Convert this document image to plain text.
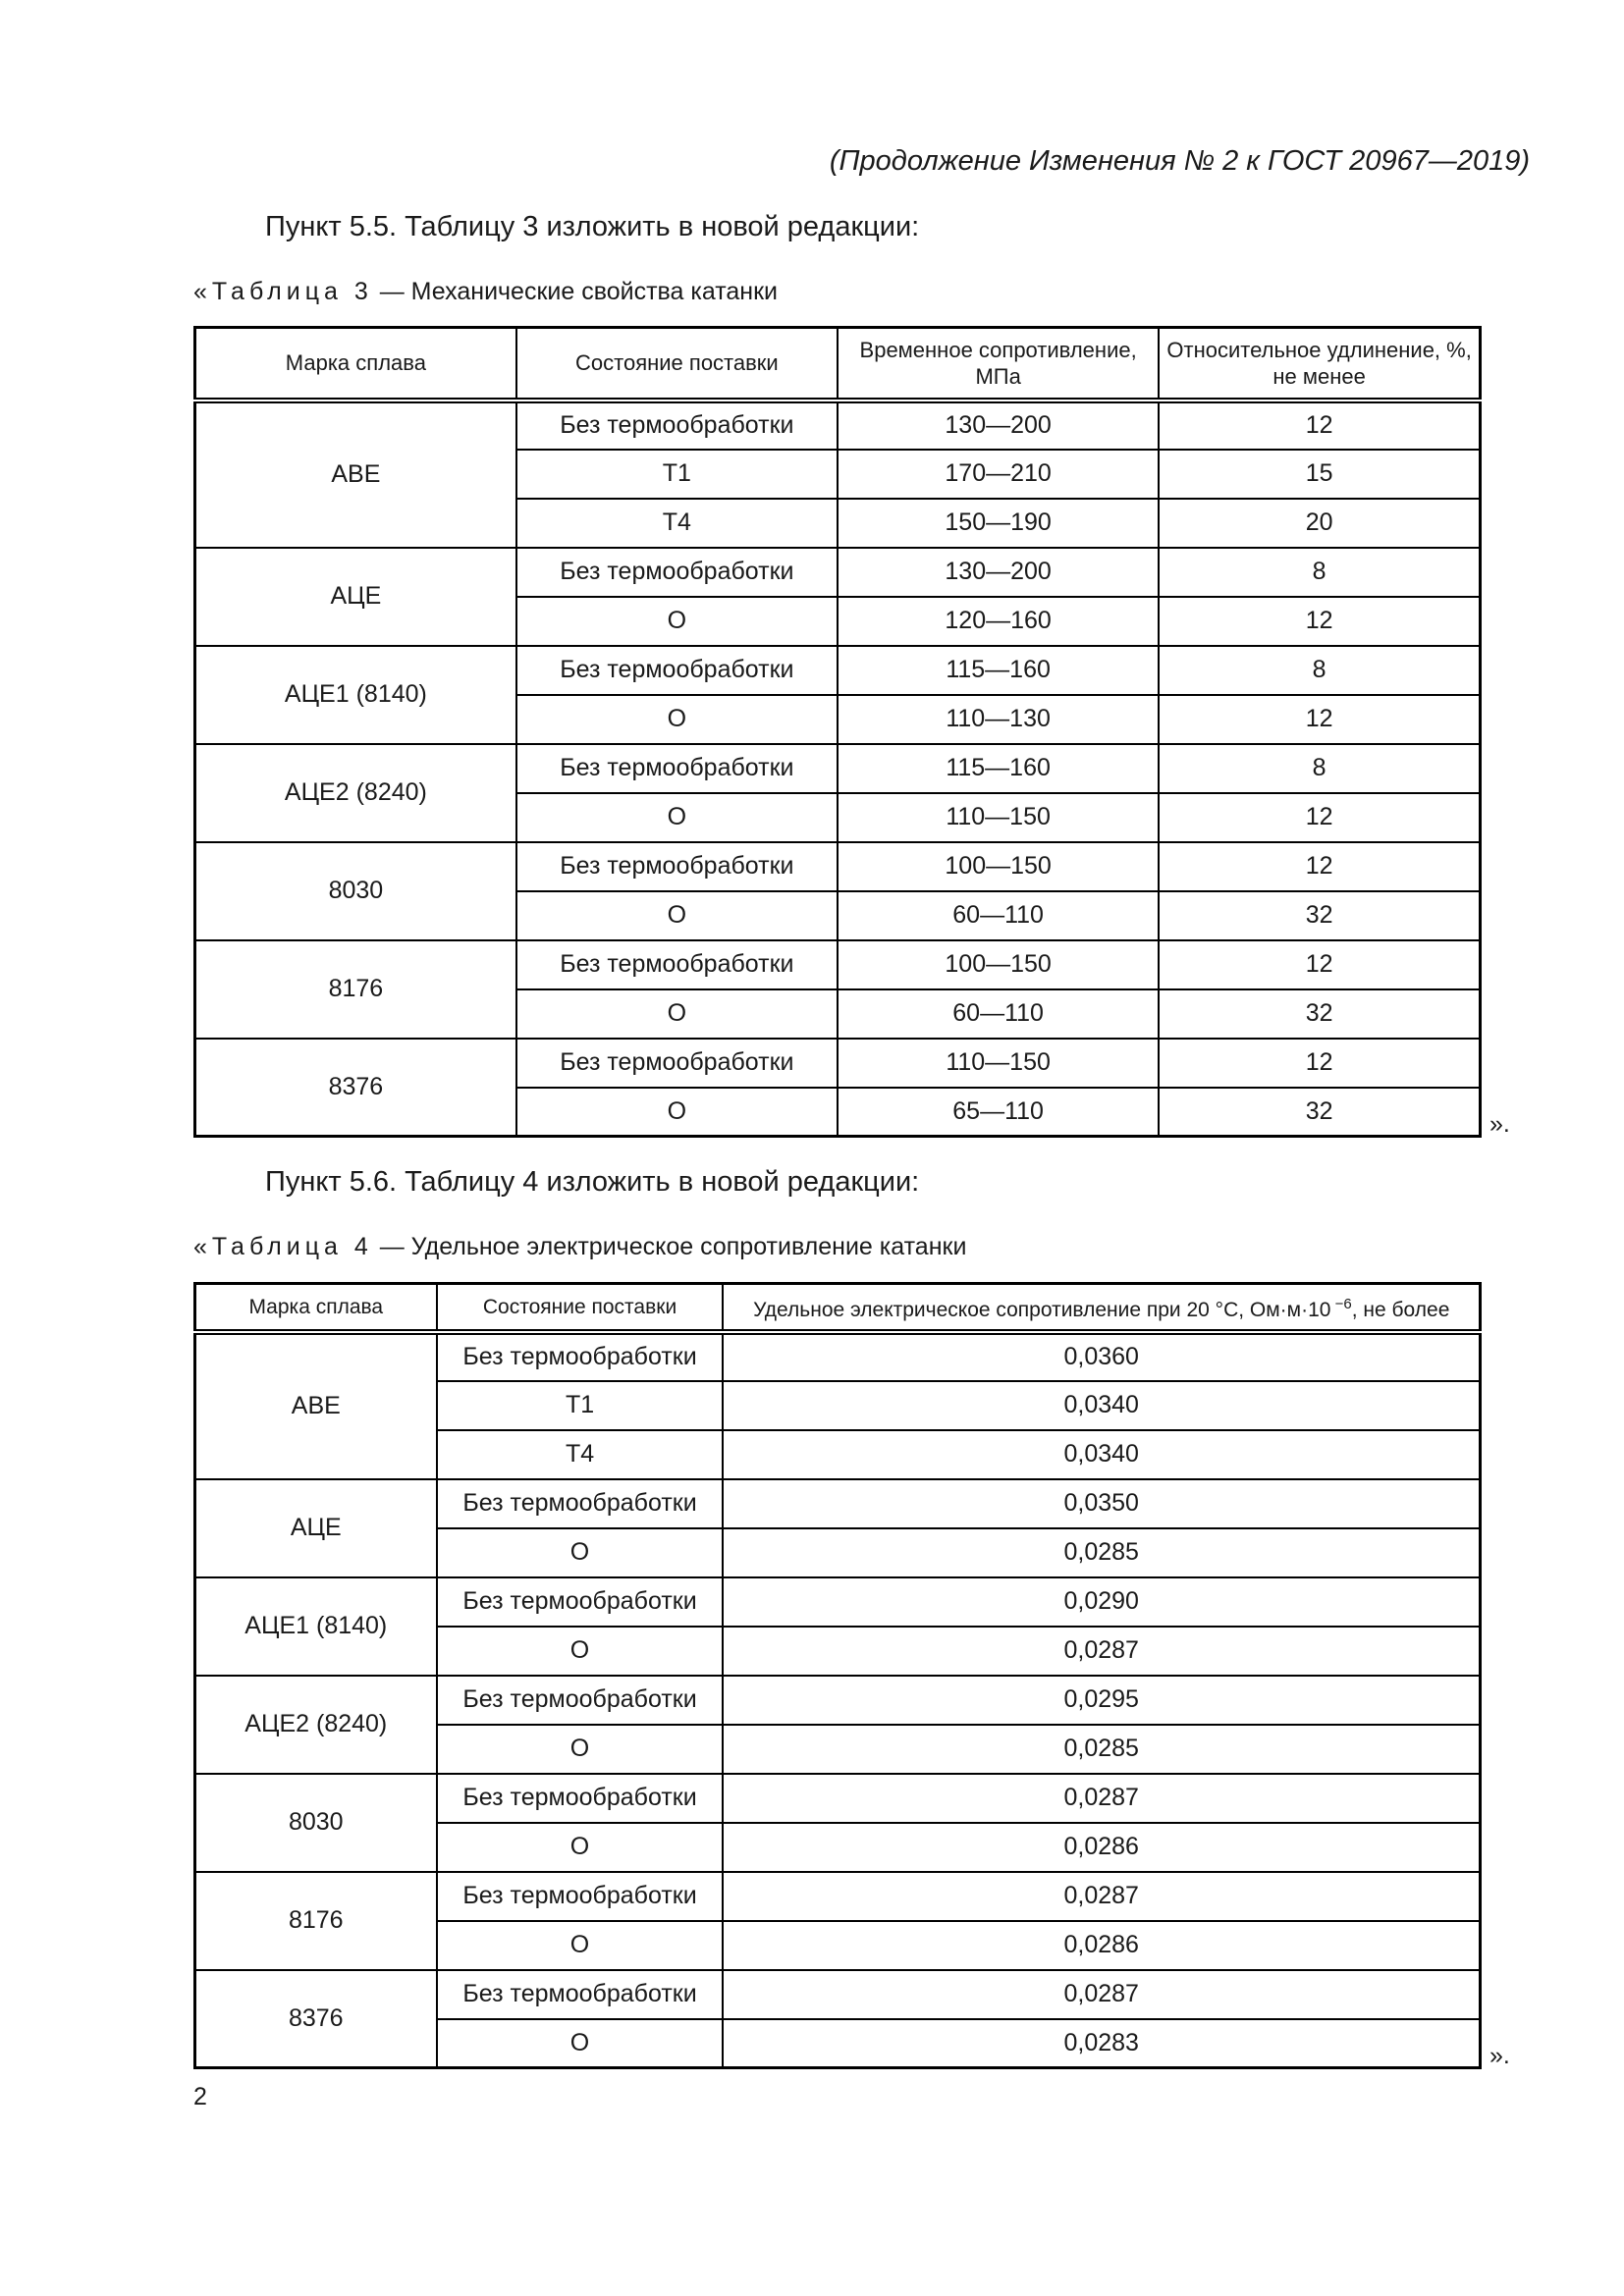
(Продолжение Изменения № 2 к ГОСТ 20967—2019)
Пункт 5.5. Таблицу 3 изложить в новой редакции:
«Таблица 3 — Механические свойства катанки
Марка сплава	Состояние поставки	Временное сопротивление, МПа	Относительное удлинение, %, не менее
АВЕ	Без термообработки	130—200	12
	Т1	170—210	15
	Т4	150—190	20
АЦЕ	Без термообработки	130—200	8
	О	120—160	12
АЦЕ1 (8140)	Без термообработки	115—160	8
	О	110—130	12
АЦЕ2 (8240)	Без термообработки	115—160	8
	О	110—150	12
8030	Без термообработки	100—150	12
	О	60—110	32
8176	Без термообработки	100—150	12
	О	60—110	32
8376	Без термообработки	110—150	12
	О	65—110	32	».
Пункт 5.6. Таблицу 4 изложить в новой редакции:
«Таблица 4 — Удельное электрическое сопротивление катанки
Марка сплава	Состояние поставки	Удельное электрическое сопротивление при 20 °С, Ом·м·10 $^{-6}$, не более
АВЕ	Без термообработки	0,0360
	Т1	0,0340
	Т4	0,0340
АЦЕ	Без термообработки	0,0350
	О	0,0285
АЦЕ1 (8140)	Без термообработки	0,0290
	О	0,0287
АЦЕ2 (8240)	Без термообработки	0,0295
	О	0,0285
8030	Без термообработки	0,0287
	О	0,0286
8176	Без термообработки	0,0287
	О	0,0286
8376	Без термообработки	0,0287
	О	0,0283	».
2
